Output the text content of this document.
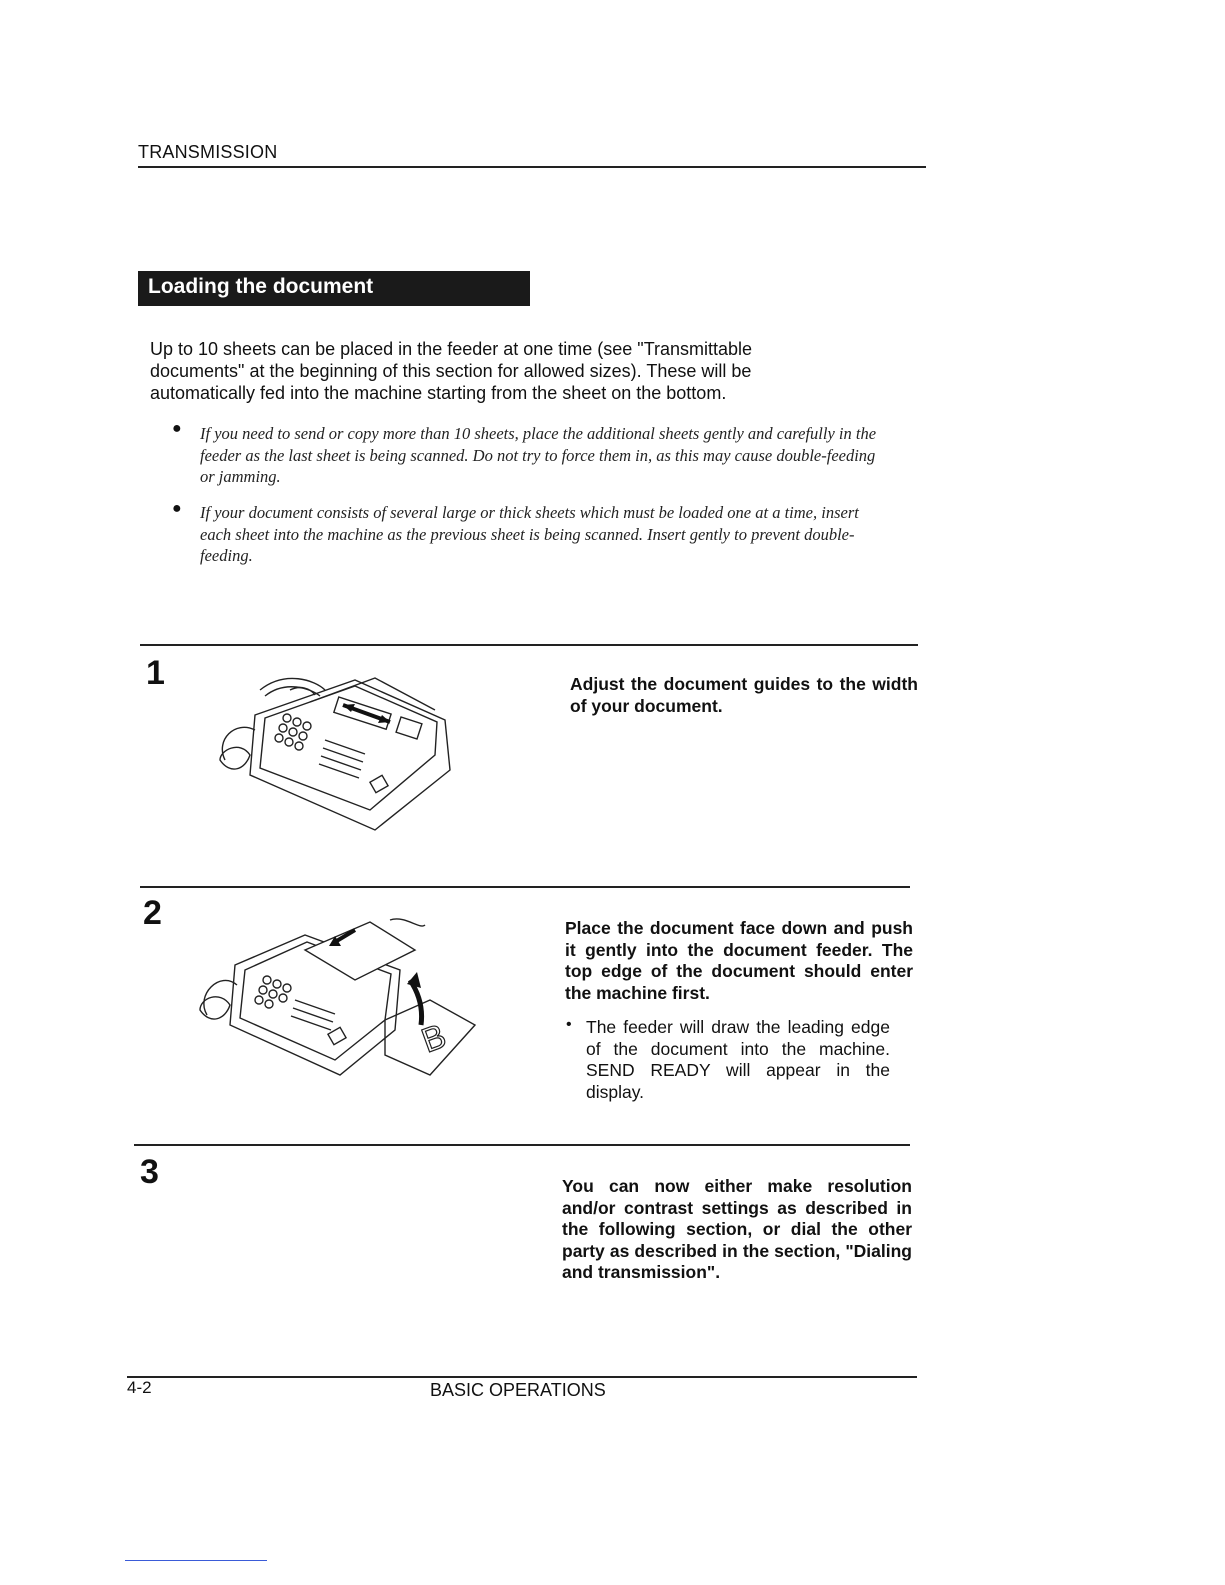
TRANSMISSION
Loading the document
Up to 10 sheets can be placed in the feeder at one time (see "Transmittable documents" at the beginning of this section for allowed sizes). These will be automatically fed into the machine starting from the sheet on the bottom.
● If you need to send or copy more than 10 sheets, place the additional sheets gently and carefully in the feeder as the last sheet is being scanned. Do not try to force them in, as this may cause double-feeding or jamming.
● If your document consists of several large or thick sheets which must be loaded one at a time, insert each sheet into the machine as the previous sheet is being scanned. Insert gently to prevent double-feeding.
1	Adjust the document guides to the width of your document.
2
B
Place the document face down and push it gently into the document feeder. The top edge of the document should enter the machine first.
• The feeder will draw the leading edge of the document into the machine. SEND READY will appear in the display.
3	You can now either make resolution and/or contrast settings as described in the following section, or dial the other party as described in the section, "Dialing and transmission".
4-2	BASIC OPERATIONS
